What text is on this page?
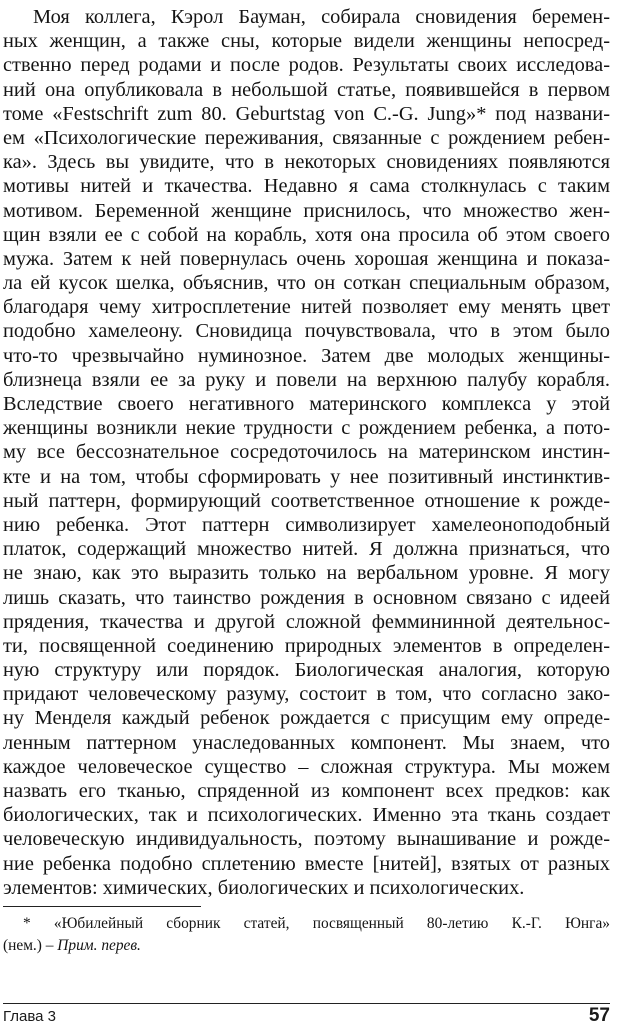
Моя коллега, Кэрол Бауман, собирала сновидения беремен-
ных женщин, а также сны, которые видели женщины непосред-
ственно перед родами и после родов. Результаты своих исследова-
ний она опубликовала в небольшой статье, появившейся в первом
томе «Festschrift zum 80. Geburtstag von C.-G. Jung»* под названи-
ем «Психологические переживания, связанные с рождением ребен-
ка». Здесь вы увидите, что в некоторых сновидениях появляются
мотивы нитей и ткачества. Недавно я сама столкнулась с таким
мотивом. Беременной женщине приснилось, что множество жен-
щин взяли ее с собой на корабль, хотя она просила об этом своего
мужа. Затем к ней повернулась очень хорошая женщина и показа-
ла ей кусок шелка, объяснив, что он соткан специальным образом,
благодаря чему хитросплетение нитей позволяет ему менять цвет
подобно хамелеону. Сновидица почувствовала, что в этом было
что-то чрезвычайно нуминозное. Затем две молодых женщины-
близнеца взяли ее за руку и повели на верхнюю палубу корабля.
Вследствие своего негативного материнского комплекса у этой
женщины возникли некие трудности с рождением ребенка, а пото-
му все бессознательное сосредоточилось на материнском инстин-
кте и на том, чтобы сформировать у нее позитивный инстинктив-
ный паттерн, формирующий соответственное отношение к рожде-
нию ребенка. Этот паттерн символизирует хамелеоноподобный
платок, содержащий множество нитей. Я должна признаться, что
не знаю, как это выразить только на вербальном уровне. Я могу
лишь сказать, что таинство рождения в основном связано с идеей
прядения, ткачества и другой сложной феммининной деятельнос-
ти, посвященной соединению природных элементов в определен-
ную структуру или порядок. Биологическая аналогия, которую
придают человеческому разуму, состоит в том, что согласно зако-
ну Менделя каждый ребенок рождается с присущим ему опреде-
ленным паттерном унаследованных компонент. Мы знаем, что
каждое человеческое существо – сложная структура. Мы можем
назвать его тканью, спряденной из компонент всех предков: как
биологических, так и психологических. Именно эта ткань создает
человеческую индивидуальность, поэтому вынашивание и рожде-
ние ребенка подобно сплетению вместе [нитей], взятых от разных
элементов: химических, биологических и психологических.
* «Юбилейный сборник статей, посвященный 80-летию К.-Г. Юнга»
(нем.) – Прим. перев.
Глава 3	57
